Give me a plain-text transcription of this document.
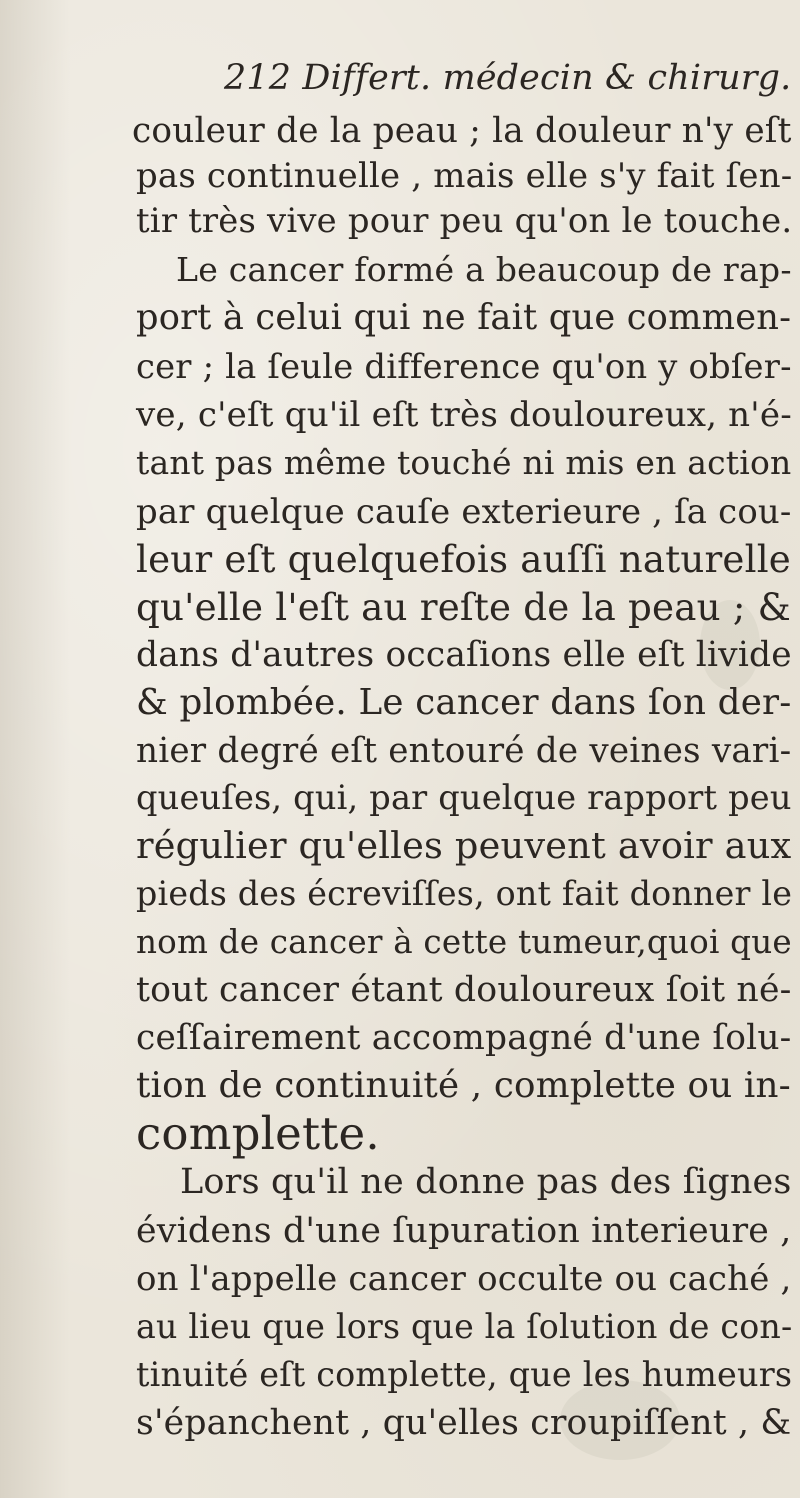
212 Differt. médecin & chirurg.
couleur de la peau ; la douleur n'y eſt
pas continuelle , mais elle s'y fait ſen-
tir très vive pour peu qu'on le touche.
Le cancer formé a beaucoup de rap-
port à celui qui ne fait que commen-
cer ; la ſeule difference qu'on y obſer-
ve, c'eſt qu'il eſt très douloureux, n'é-
tant pas même touché ni mis en action
par quelque cauſe exterieure , ſa cou-
leur eſt quelquefois auſſi naturelle
qu'elle l'eſt au reſte de la peau ; &
dans d'autres occaſions elle eſt livide
& plombée. Le cancer dans ſon der-
nier degré eſt entouré de veines vari-
queuſes, qui, par quelque rapport peu
régulier qu'elles peuvent avoir aux
pieds des écreviſſes, ont fait donner le
nom de cancer à cette tumeur,quoi que
tout cancer étant douloureux ſoit né-
ceſſairement accompagné d'une ſolu-
tion de continuité , complette ou in-
complette.
Lors qu'il ne donne pas des ſignes
évidens d'une ſupuration interieure ,
on l'appelle cancer occulte ou caché ,
au lieu que lors que la ſolution de con-
tinuité eſt complette, que les humeurs
s'épanchent , qu'elles croupiſſent , &
